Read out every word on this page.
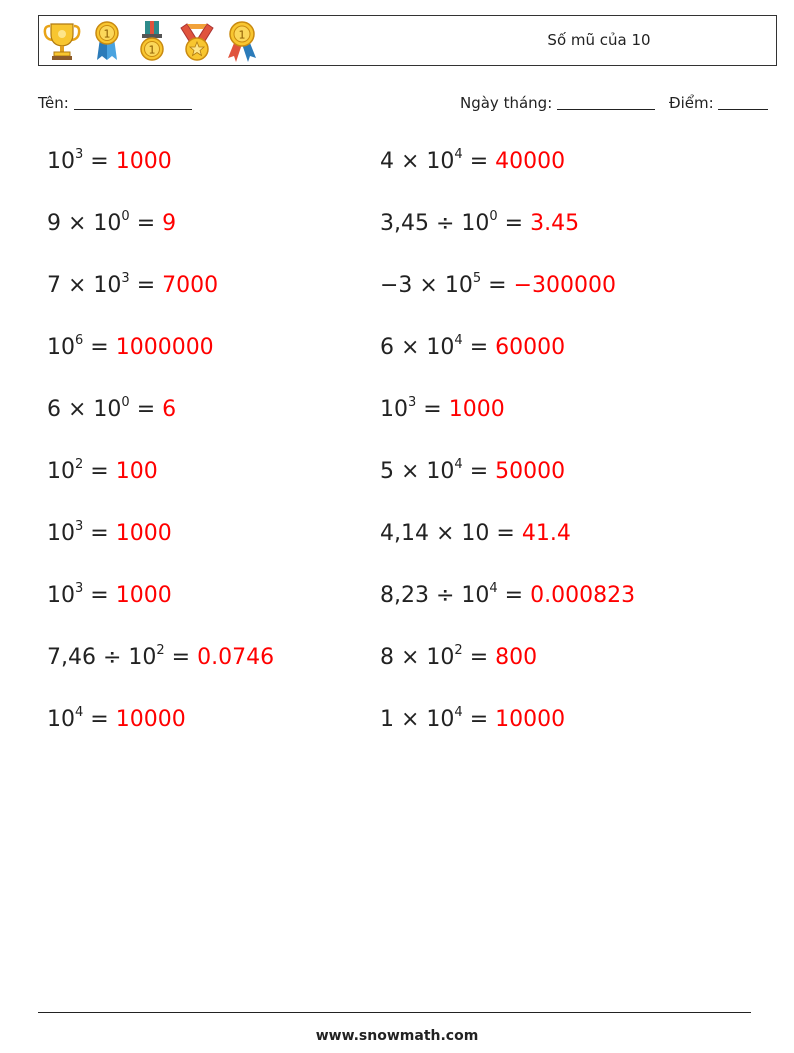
1
1
1	Số mũ của 10
Tên:	Ngày tháng:	Điểm:
$10^3 = 1000$	$4 \times 10^4 = 40000$
$9 \times 10^0 = 9$	$3,45 \div 10^0 = 3.45$
$7 \times 10^3 = 7000$	$-3 \times 10^5 = -300000$
$10^6 = 1000000$	$6 \times 10^4 = 60000$
$6 \times 10^0 = 6$	$10^3 = 1000$
$10^2 = 100$	$5 \times 10^4 = 50000$
$10^3 = 1000$	4,14 × 10 = 41.4
$10^3 = 1000$	$8,23 \div 10^4 = 0.000823$
$7,46 \div 10^2 = 0.0746$	$8 \times 10^2 = 800$
$10^4 = 10000$	$1 \times 10^4 = 10000$
www.snowmath.com
